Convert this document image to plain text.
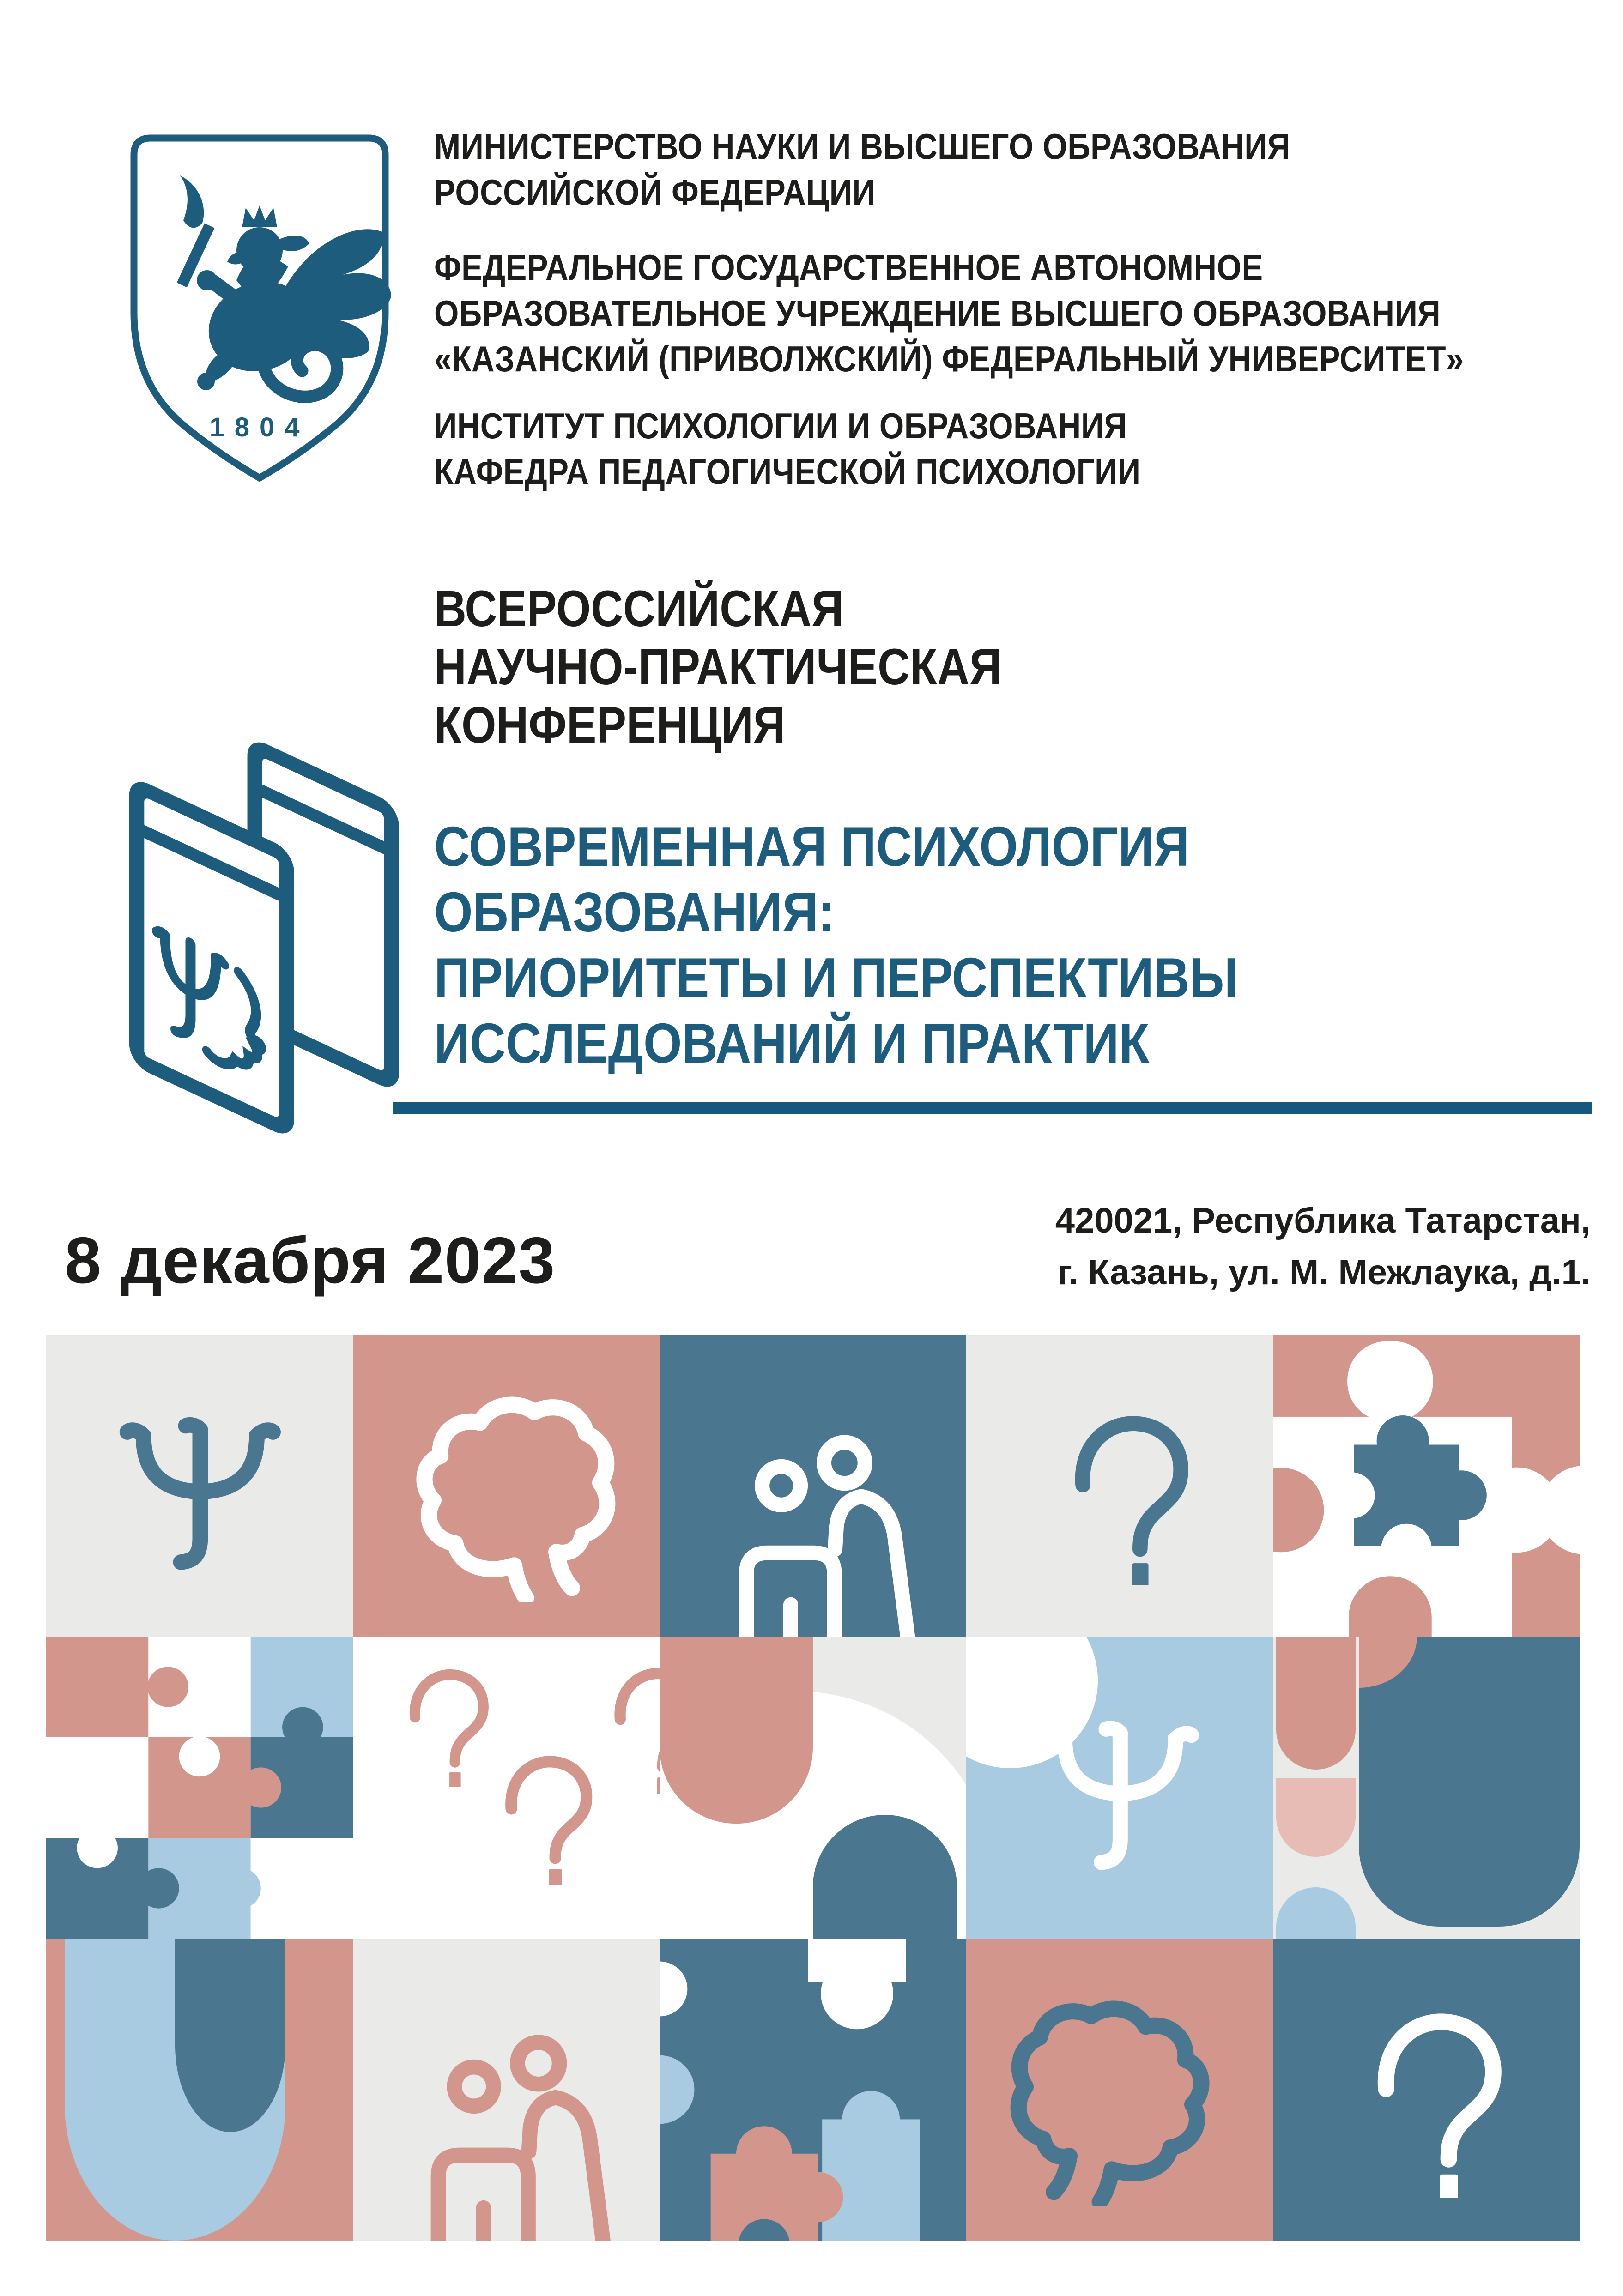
1804

МИНИСТЕРСТВО НАУКИ И ВЫСШЕГО ОБРАЗОВАНИЯ
РОССИЙСКОЙ ФЕДЕРАЦИИ

ФЕДЕРАЛЬНОЕ ГОСУДАРСТВЕННОЕ АВТОНОМНОЕ
ОБРАЗОВАТЕЛЬНОЕ УЧРЕЖДЕНИЕ ВЫСШЕГО ОБРАЗОВАНИЯ
«КАЗАНСКИЙ (ПРИВОЛЖСКИЙ) ФЕДЕРАЛЬНЫЙ УНИВЕРСИТЕТ»

ИНСТИТУТ ПСИХОЛОГИИ И ОБРАЗОВАНИЯ
КАФЕДРА ПЕДАГОГИЧЕСКОЙ ПСИХОЛОГИИ

ВСЕРОССИЙСКАЯ
НАУЧНО-ПРАКТИЧЕСКАЯ
КОНФЕРЕНЦИЯ
СОВРЕМЕННАЯ ПСИХОЛОГИЯ
ОБРАЗОВАНИЯ:
ПРИОРИТЕТЫ И ПЕРСПЕКТИВЫ
ИССЛЕДОВАНИЙ И ПРАКТИК
8 декабря 2023
420021, Республика Татарстан,
г. Казань, ул. М. Межлаука, д.1.
